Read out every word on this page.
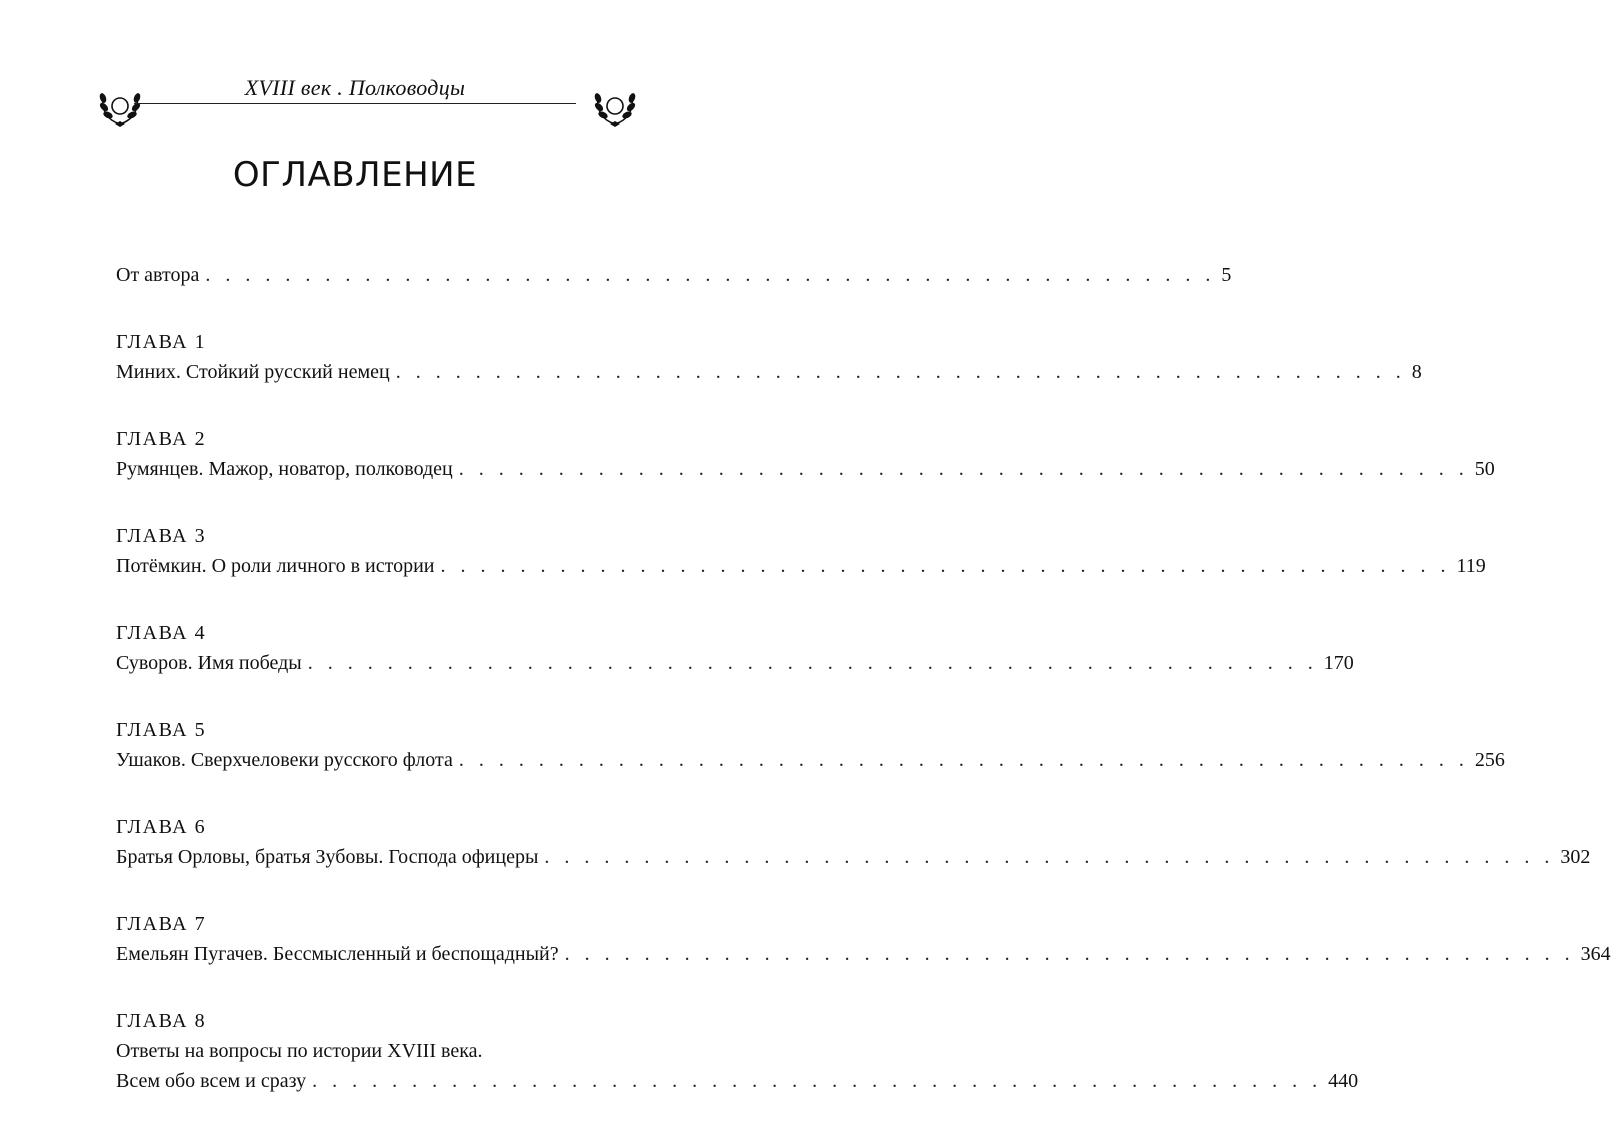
XVIII век . Полководцы
ОГЛАВЛЕНИЕ
От автора . . . . . . . . . . . . . . . . . . . . . . . . . . . . . . . . . . . . . . . . . . . . . . . . . . . 5
ГЛАВА 1
Миних. Стойкий русский немец . . . . . . . . . . . . . . . . . . . . . . . . . . . . . . . . . . . . . . . . . . . . . . . . . . . 8
ГЛАВА 2
Румянцев. Мажор, новатор, полководец . . . . . . . . . . . . . . . . . . . . . . . . . . . . . . . . . . . . . . . . . . . . . . . . . . . 50
ГЛАВА 3
Потёмкин. О роли личного в истории . . . . . . . . . . . . . . . . . . . . . . . . . . . . . . . . . . . . . . . . . . . . . . . . . . . 119
ГЛАВА 4
Суворов. Имя победы . . . . . . . . . . . . . . . . . . . . . . . . . . . . . . . . . . . . . . . . . . . . . . . . . . . 170
ГЛАВА 5
Ушаков. Сверхчеловеки русского флота . . . . . . . . . . . . . . . . . . . . . . . . . . . . . . . . . . . . . . . . . . . . . . . . . . . 256
ГЛАВА 6
Братья Орловы, братья Зубовы. Господа офицеры . . . . . . . . . . . . . . . . . . . . . . . . . . . . . . . . . . . . . . . . . . . . . . . . . . . 302
ГЛАВА 7
Емельян Пугачев. Бессмысленный и беспощадный? . . . . . . . . . . . . . . . . . . . . . . . . . . . . . . . . . . . . . . . . . . . . . . . . . . . 364
ГЛАВА 8
Ответы на вопросы по истории XVIII века.
Всем обо всем и сразу . . . . . . . . . . . . . . . . . . . . . . . . . . . . . . . . . . . . . . . . . . . . . . . . . . . 440
